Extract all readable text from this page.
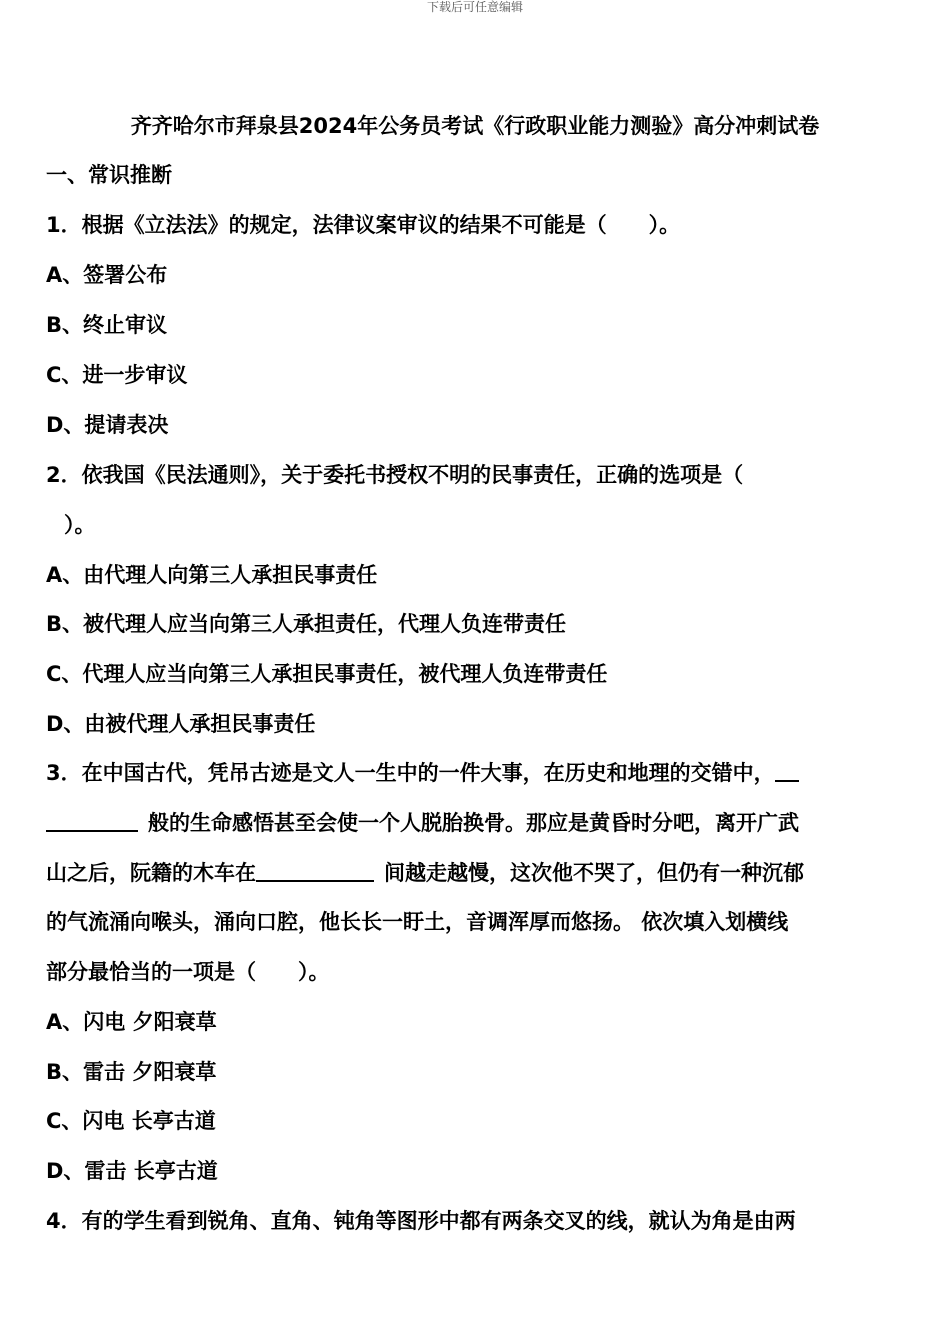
下载后可任意编辑
齐齐哈尔市拜泉县2024年公务员考试《行政职业能力测验》高分冲刺试卷
一、常识推断
1．根据《立法法》的规定，法律议案审议的结果不可能是（　　）。
A、签署公布
B、终止审议
C、进一步审议
D、提请表决
2．依我国《民法通则》，关于委托书授权不明的民事责任，正确的选项是（
）。
A、由代理人向第三人承担民事责任
B、被代理人应当向第三人承担责任，代理人负连带责任
C、代理人应当向第三人承担民事责任，被代理人负连带责任
D、由被代理人承担民事责任
3．在中国古代，凭吊古迹是文人一生中的一件大事，在历史和地理的交错中，
般的生命感悟甚至会使一个人脱胎换骨。那应是黄昏时分吧，离开广武
山之后，阮籍的木车在	间越走越慢，这次他不哭了，但仍有一种沉郁
的气流涌向喉头，涌向口腔，他长长一盱土，音调浑厚而悠扬。 依次填入划横线
部分最恰当的一项是（　　）。
A、闪电 夕阳衰草
B、雷击 夕阳衰草
C、闪电 长亭古道
D、雷击 长亭古道
4．有的学生看到锐角、直角、钝角等图形中都有两条交叉的线，就认为角是由两
